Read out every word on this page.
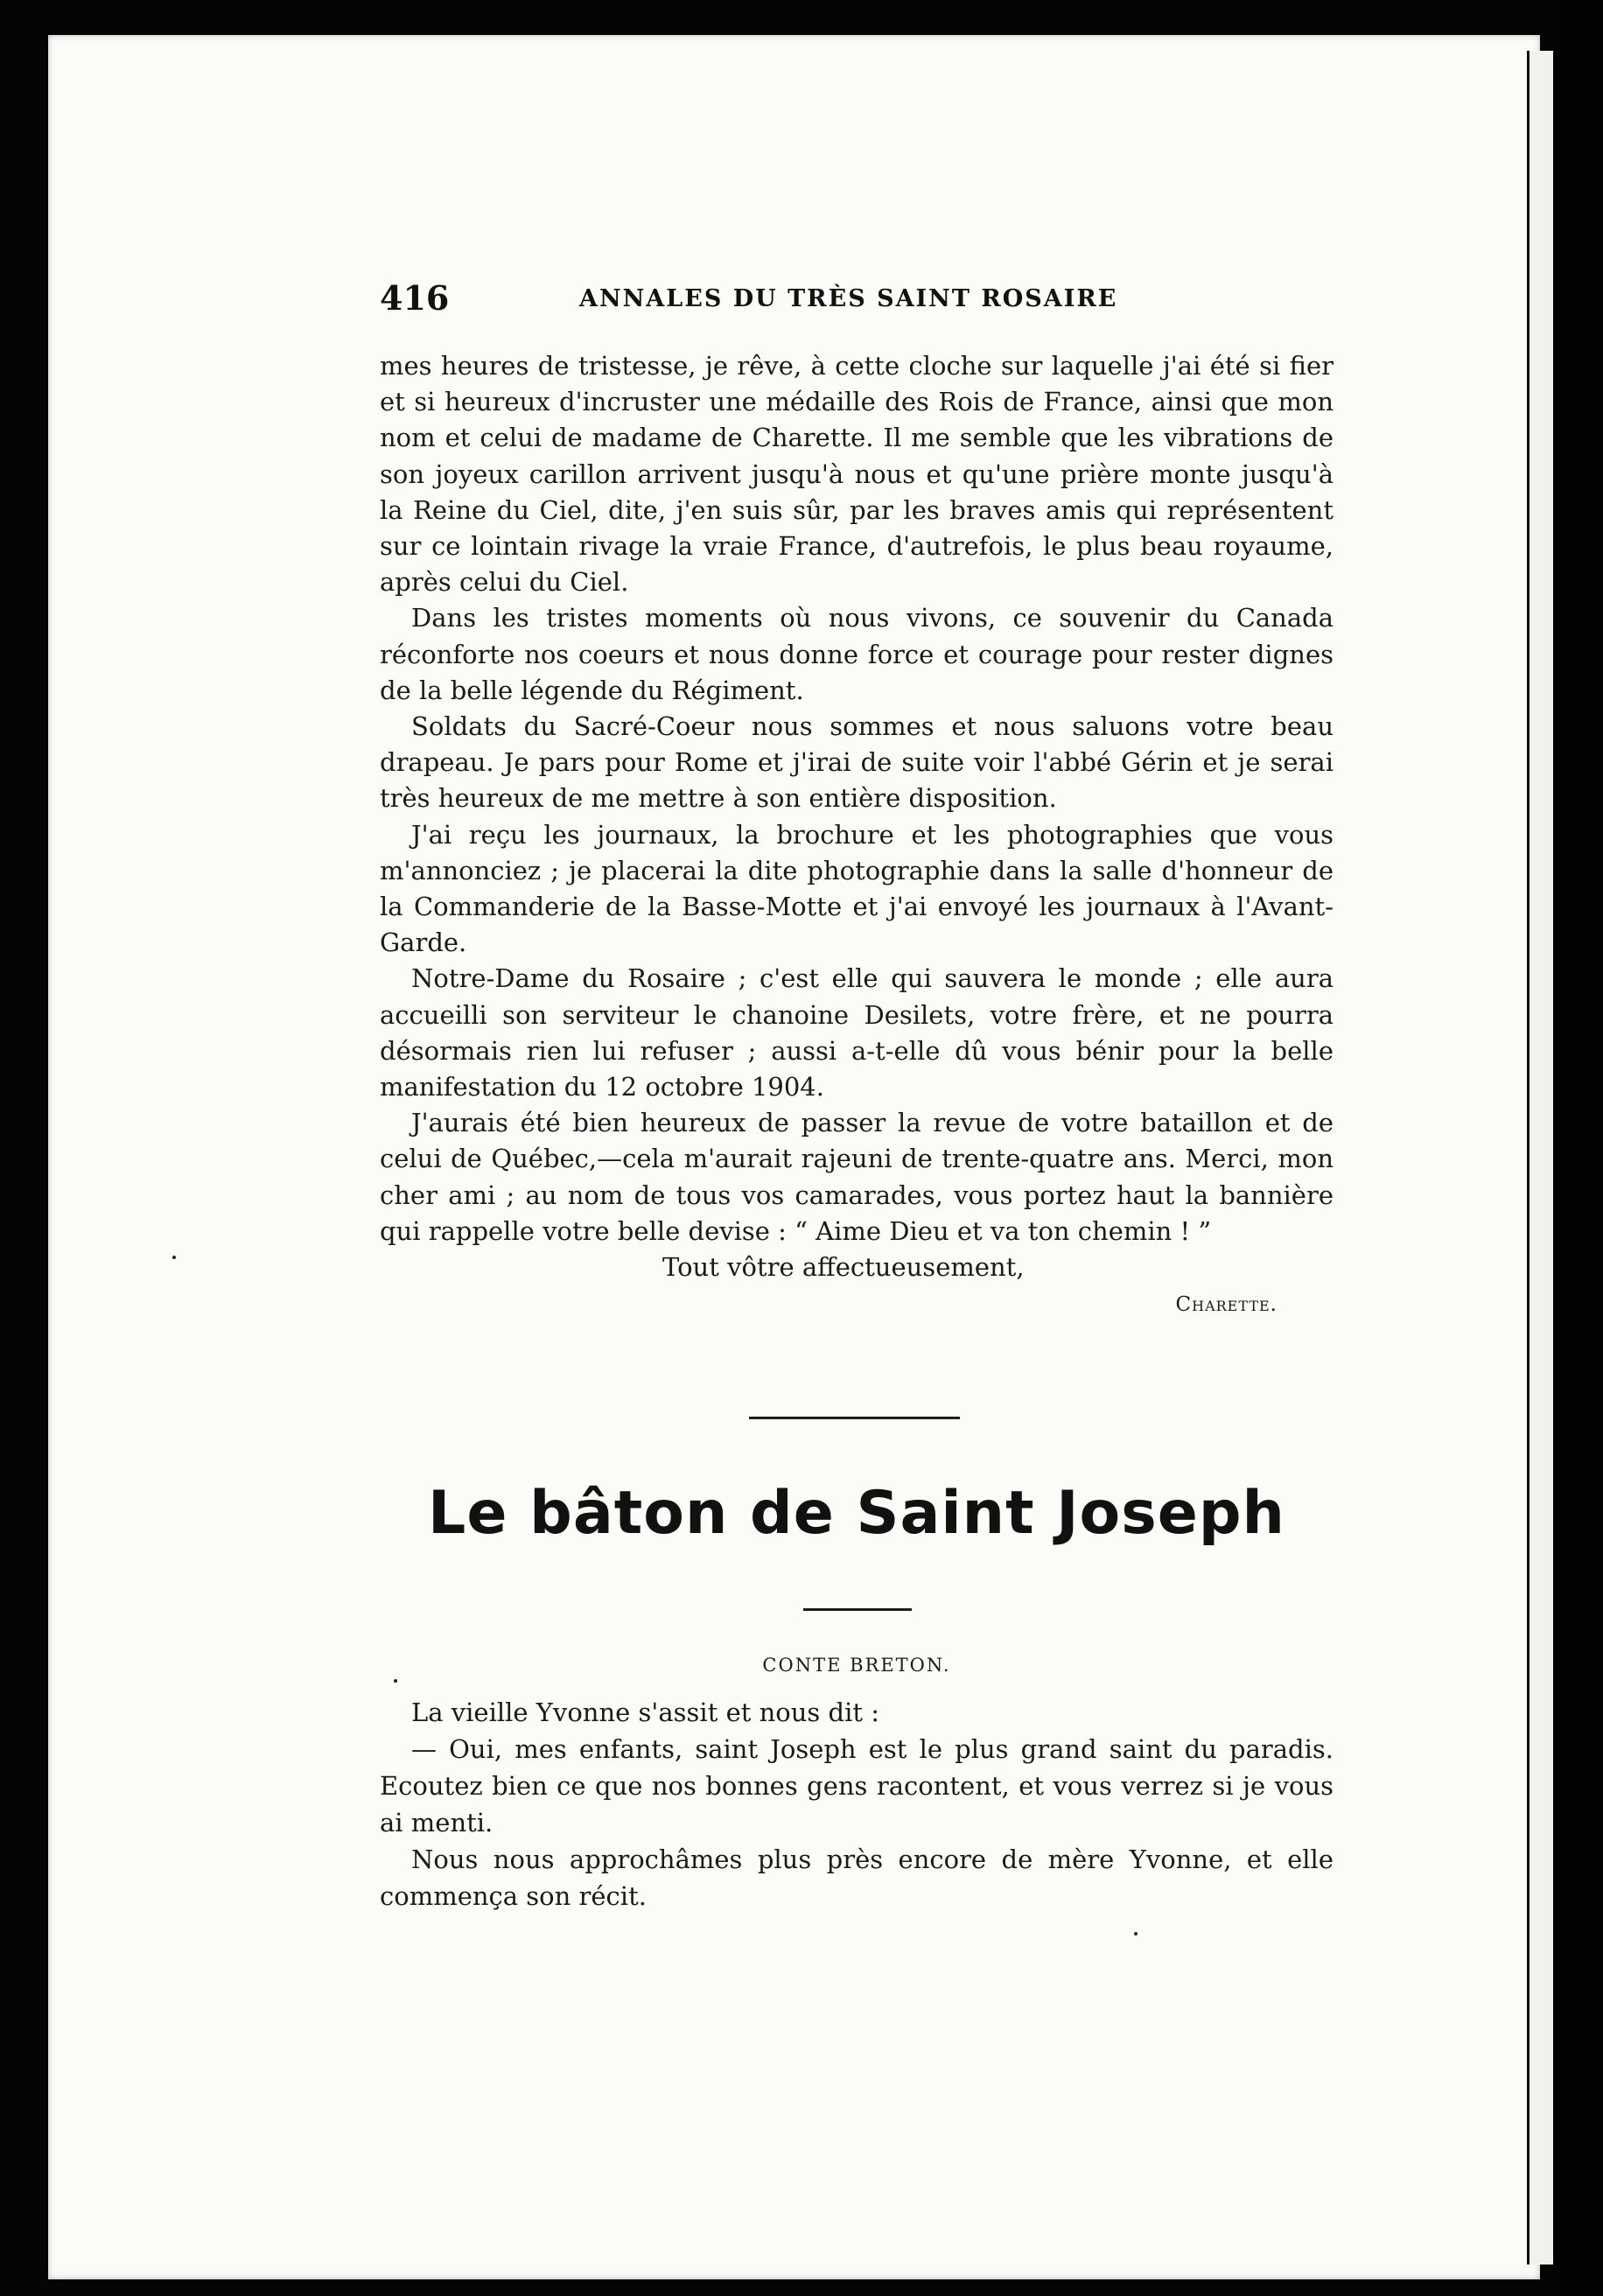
416	ANNALES DU TRÈS SAINT ROSAIRE

mes heures de tristesse, je rêve, à cette cloche sur laquelle j'ai été si fier et si heureux d'incruster une médaille des Rois de France, ainsi que mon nom et celui de madame de Charette. Il me semble que les vibrations de son joyeux carillon arrivent jusqu'à nous et qu'une prière monte jusqu'à la Reine du Ciel, dite, j'en suis sûr, par les braves amis qui représentent sur ce lointain rivage la vraie France, d'autrefois, le plus beau royaume, après celui du Ciel.

Dans les tristes moments où nous vivons, ce souvenir du Canada réconforte nos coeurs et nous donne force et courage pour rester dignes de la belle légende du Régiment.

Soldats du Sacré-Coeur nous sommes et nous saluons votre beau drapeau. Je pars pour Rome et j'irai de suite voir l'abbé Gérin et je serai très heureux de me mettre à son entière disposition.

J'ai reçu les journaux, la brochure et les photographies que vous m'annonciez ; je placerai la dite photographie dans la salle d'honneur de la Commanderie de la Basse-Motte et j'ai envoyé les journaux à l'Avant-Garde.

Notre-Dame du Rosaire ; c'est elle qui sauvera le monde ; elle aura accueilli son serviteur le chanoine Desilets, votre frère, et ne pourra désormais rien lui refuser ; aussi a-t-elle dû vous bénir pour la belle manifestation du 12 octobre 1904.

J'aurais été bien heureux de passer la revue de votre bataillon et de celui de Québec,—cela m'aurait rajeuni de trente-quatre ans. Merci, mon cher ami ; au nom de tous vos camarades, vous portez haut la bannière qui rappelle votre belle devise : “ Aime Dieu et va ton chemin ! ”

Tout vôtre affectueusement,
Charette.
Le bâton de Saint Joseph
CONTE BRETON.

La vieille Yvonne s'assit et nous dit :

— Oui, mes enfants, saint Joseph est le plus grand saint du paradis. Ecoutez bien ce que nos bonnes gens racontent, et vous verrez si je vous ai menti.

Nous nous approchâmes plus près encore de mère Yvonne, et elle commença son récit.
